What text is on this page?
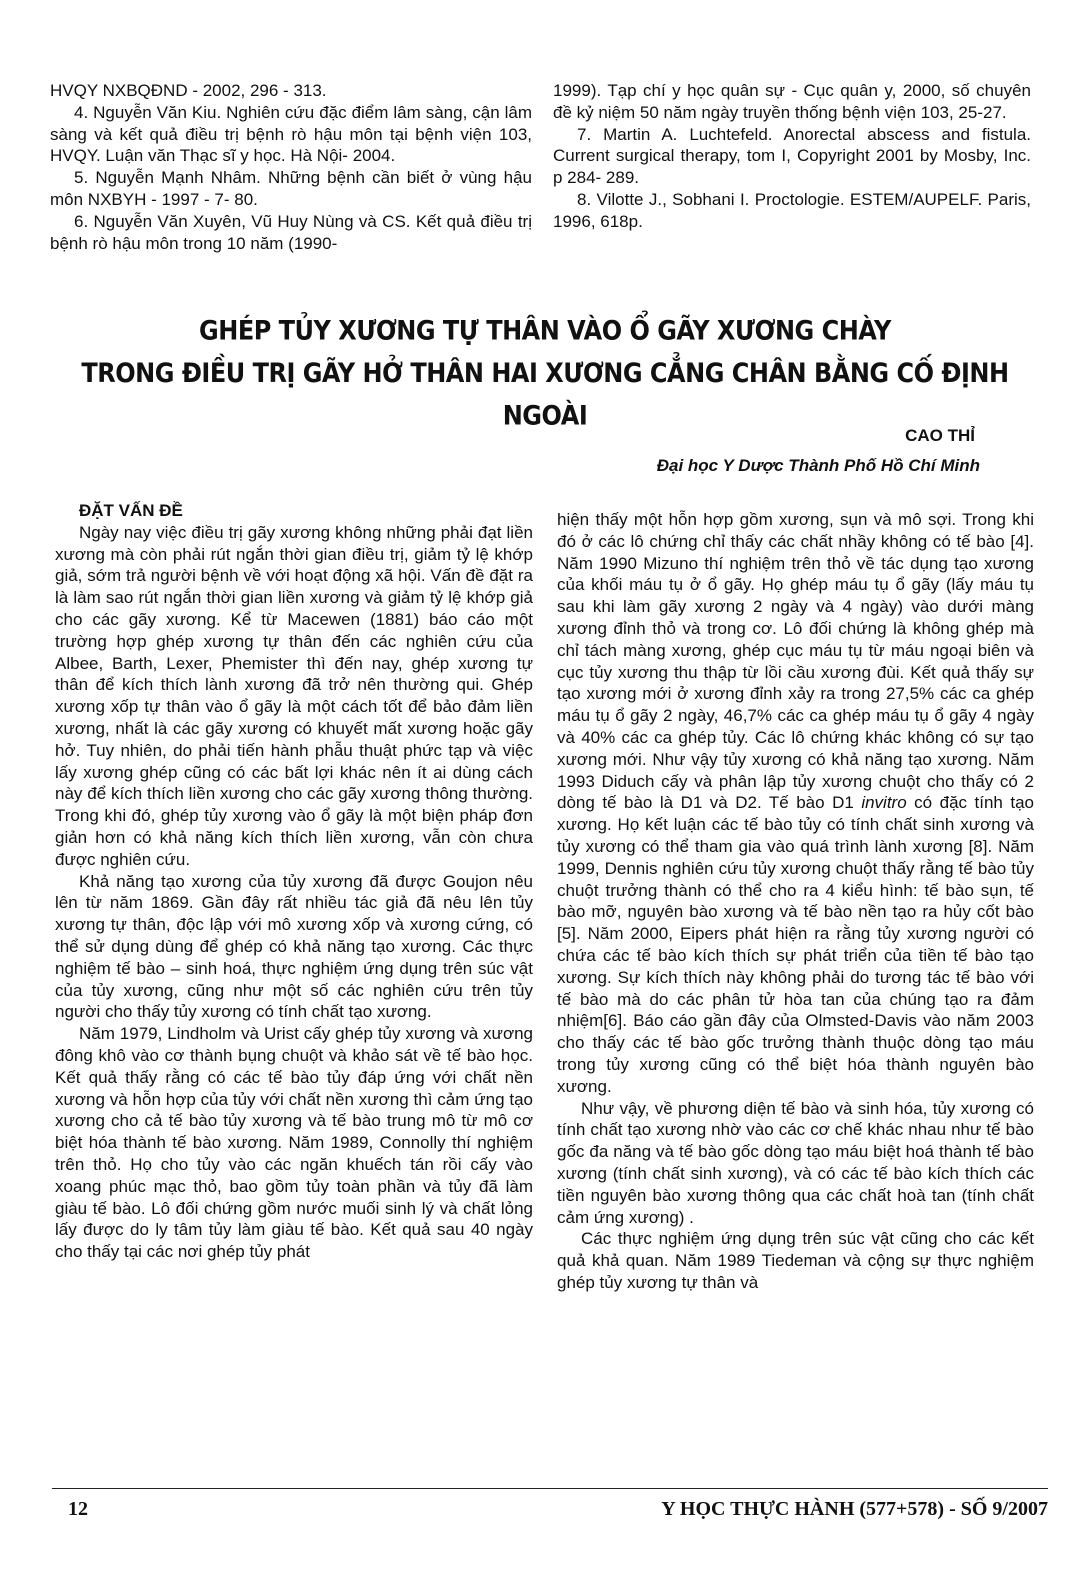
HVQY NXBQĐND - 2002, 296 - 313.

4. Nguyễn Văn Kiu. Nghiên cứu đặc điểm lâm sàng, cận lâm sàng và kết quả điều trị bệnh rò hậu môn tại bệnh viện 103, HVQY. Luận văn Thạc sĩ y học. Hà Nội- 2004.

5. Nguyễn Mạnh Nhâm. Những bệnh cần biết ở vùng hậu môn NXBYH - 1997 - 7- 80.

6. Nguyễn Văn Xuyên, Vũ Huy Nùng và CS. Kết quả điều trị bệnh rò hậu môn trong 10 năm (1990-

1999). Tạp chí y học quân sự - Cục quân y, 2000, số chuyên đề kỷ niệm 50 năm ngày truyền thống bệnh viện 103, 25-27.

7. Martin A. Luchtefeld. Anorectal abscess and fistula. Current surgical therapy, tom I, Copyright 2001 by Mosby, Inc. p 284- 289.

8. Vilotte J., Sobhani I. Proctologie. ESTEM/AUPELF. Paris, 1996, 618p.

GHÉP TỦY XƯƠNG TỰ THÂN VÀO Ổ GÃY XƯƠNG CHÀY
TRONG ĐIỀU TRỊ GÃY HỞ THÂN HAI XƯƠNG CẲNG CHÂN BẰNG CỐ ĐỊNH NGOÀI
CAO THỈ
Đại học Y Dược Thành Phố Hồ Chí Minh

ĐẶT VẤN ĐỀ

Ngày nay việc điều trị gãy xương không những phải đạt liền xương mà còn phải rút ngắn thời gian điều trị, giảm tỷ lệ khớp giả, sớm trả người bệnh về với hoạt động xã hội. Vấn đề đặt ra là làm sao rút ngắn thời gian liền xương và giảm tỷ lệ khớp giả cho các gãy xương. Kể từ Macewen (1881) báo cáo một trường hợp ghép xương tự thân đến các nghiên cứu của Albee, Barth, Lexer, Phemister thì đến nay, ghép xương tự thân để kích thích lành xương đã trở nên thường qui. Ghép xương xốp tự thân vào ổ gãy là một cách tốt để bảo đảm liền xương, nhất là các gãy xương có khuyết mất xương hoặc gãy hở. Tuy nhiên, do phải tiến hành phẫu thuật phức tạp và việc lấy xương ghép cũng có các bất lợi khác nên ít ai dùng cách này để kích thích liền xương cho các gãy xương thông thường. Trong khi đó, ghép tủy xương vào ổ gãy là một biện pháp đơn giản hơn có khả năng kích thích liền xương, vẫn còn chưa được nghiên cứu.

Khả năng tạo xương của tủy xương đã được Goujon nêu lên từ năm 1869. Gần đây rất nhiều tác giả đã nêu lên tủy xương tự thân, độc lập với mô xương xốp và xương cứng, có thể sử dụng dùng để ghép có khả năng tạo xương. Các thực nghiệm tế bào – sinh hoá, thực nghiệm ứng dụng trên súc vật của tủy xương, cũng như một số các nghiên cứu trên tủy người cho thấy tủy xương có tính chất tạo xương.

Năm 1979, Lindholm và Urist cấy ghép tủy xương và xương đông khô vào cơ thành bụng chuột và khảo sát về tế bào học. Kết quả thấy rằng có các tế bào tủy đáp ứng với chất nền xương và hỗn hợp của tủy với chất nền xương thì cảm ứng tạo xương cho cả tế bào tủy xương và tế bào trung mô từ mô cơ biệt hóa thành tế bào xương. Năm 1989, Connolly thí nghiệm trên thỏ. Họ cho tủy vào các ngăn khuếch tán rồi cấy vào xoang phúc mạc thỏ, bao gồm tủy toàn phần và tủy đã làm giàu tế bào. Lô đối chứng gồm nước muối sinh lý và chất lỏng lấy được do ly tâm tủy làm giàu tế bào. Kết quả sau 40 ngày cho thấy tại các nơi ghép tủy phát

hiện thấy một hỗn hợp gồm xương, sụn và mô sợi. Trong khi đó ở các lô chứng chỉ thấy các chất nhầy không có tế bào [4]. Năm 1990 Mizuno thí nghiệm trên thỏ về tác dụng tạo xương của khối máu tụ ở ổ gãy. Họ ghép máu tụ ổ gãy (lấy máu tụ sau khi làm gãy xương 2 ngày và 4 ngày) vào dưới màng xương đỉnh thỏ và trong cơ. Lô đối chứng là không ghép mà chỉ tách màng xương, ghép cục máu tụ từ máu ngoại biên và cục tủy xương thu thập từ lồi cầu xương đùi. Kết quả thấy sự tạo xương mới ở xương đỉnh xảy ra trong 27,5% các ca ghép máu tụ ổ gãy 2 ngày, 46,7% các ca ghép máu tụ ổ gãy 4 ngày và 40% các ca ghép tủy. Các lô chứng khác không có sự tạo xương mới. Như vậy tủy xương có khả năng tạo xương. Năm 1993 Diduch cấy và phân lập tủy xương chuột cho thấy có 2 dòng tế bào là D1 và D2. Tế bào D1 invitro có đặc tính tạo xương. Họ kết luận các tế bào tủy có tính chất sinh xương và tủy xương có thể tham gia vào quá trình lành xương [8]. Năm 1999, Dennis nghiên cứu tủy xương chuột thấy rằng tế bào tủy chuột trưởng thành có thể cho ra 4 kiểu hình: tế bào sụn, tế bào mỡ, nguyên bào xương và tế bào nền tạo ra hủy cốt bào [5]. Năm 2000, Eipers phát hiện ra rằng tủy xương người có chứa các tế bào kích thích sự phát triển của tiền tế bào tạo xương. Sự kích thích này không phải do tương tác tế bào với tế bào mà do các phân tử hòa tan của chúng tạo ra đảm nhiệm[6]. Báo cáo gần đây của Olmsted-Davis vào năm 2003 cho thấy các tế bào gốc trưởng thành thuộc dòng tạo máu trong tủy xương cũng có thể biệt hóa thành nguyên bào xương.

Như vậy, về phương diện tế bào và sinh hóa, tủy xương có tính chất tạo xương nhờ vào các cơ chế khác nhau như tế bào gốc đa năng và tế bào gốc dòng tạo máu biệt hoá thành tế bào xương (tính chất sinh xương), và có các tế bào kích thích các tiền nguyên bào xương thông qua các chất hoà tan (tính chất cảm ứng xương) .

Các thực nghiệm ứng dụng trên súc vật cũng cho các kết quả khả quan. Năm 1989 Tiedeman và cộng sự thực nghiệm ghép tủy xương tự thân và

12	Y HỌC THỰC HÀNH (577+578) - SỐ 9/2007
